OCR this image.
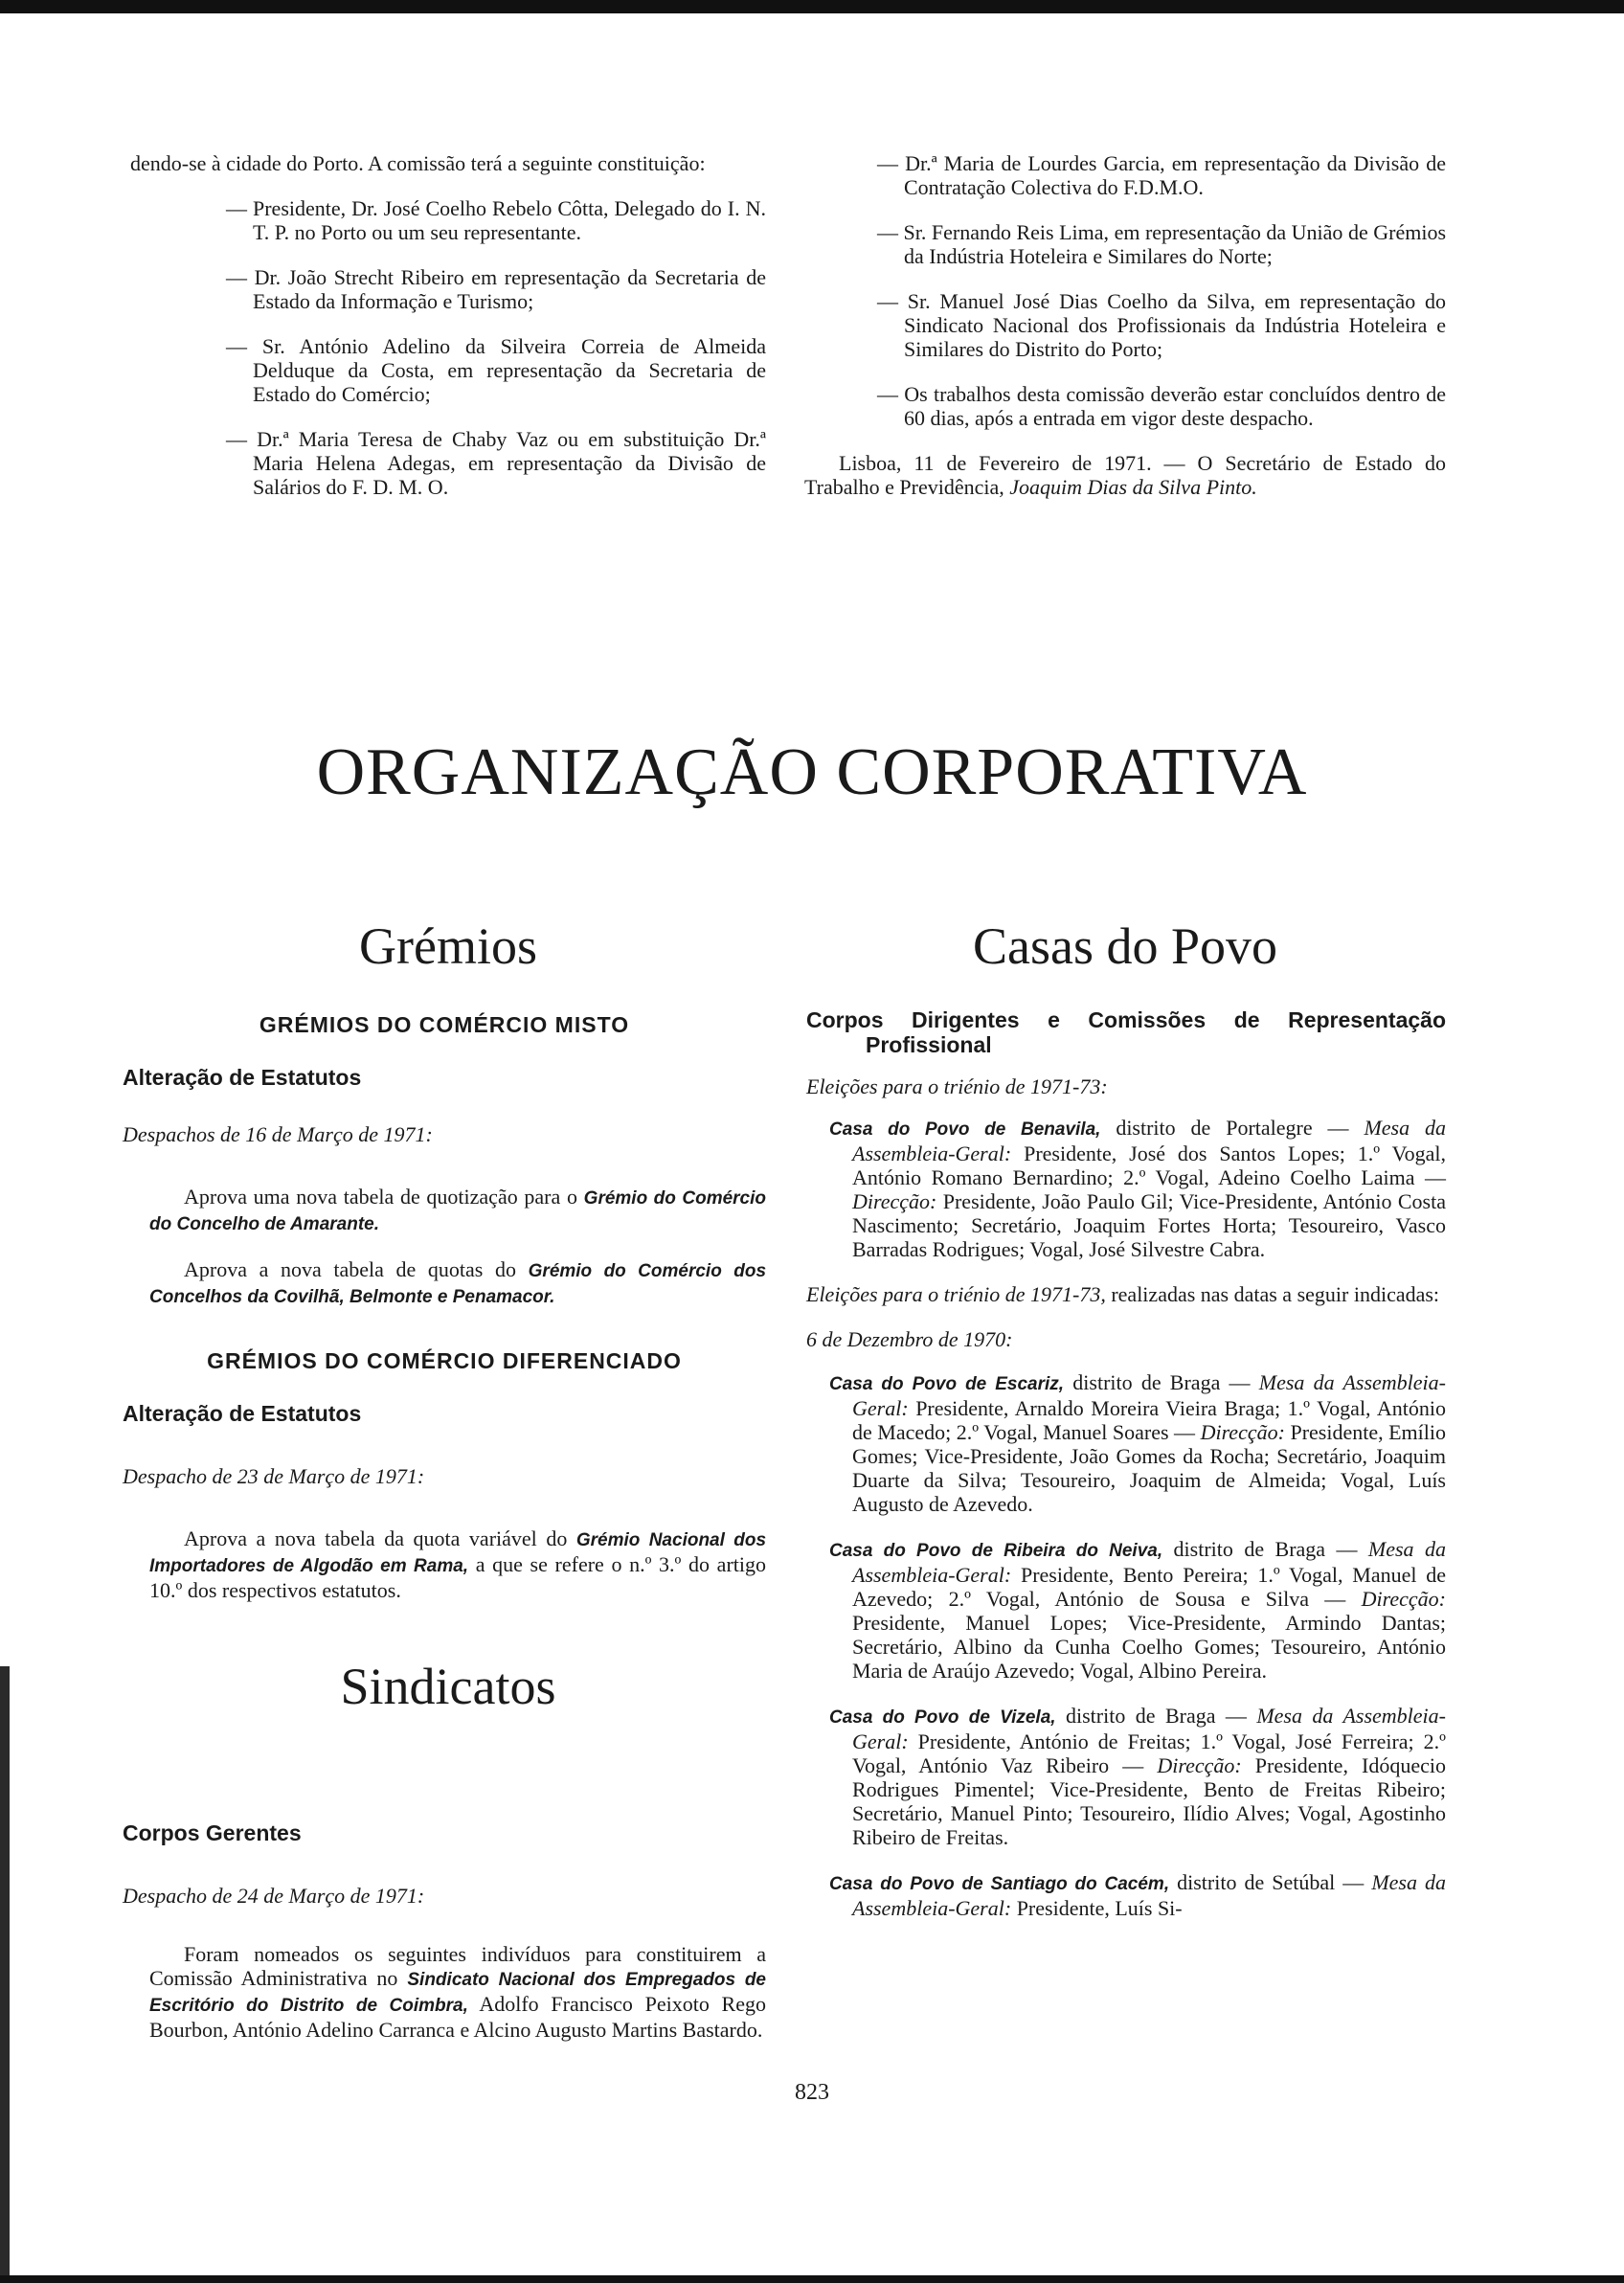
dendo-se à cidade do Porto. A comissão terá a seguinte constituição:
— Presidente, Dr. José Coelho Rebelo Côtta, Delegado do I. N. T. P. no Porto ou um seu representante.
— Dr. João Strecht Ribeiro em representação da Secretaria de Estado da Informação e Turismo;
— Sr. António Adelino da Silveira Correia de Almeida Delduque da Costa, em representação da Secretaria de Estado do Comércio;
— Dr.ª Maria Teresa de Chaby Vaz ou em substituição Dr.ª Maria Helena Adegas, em representação da Divisão de Salários do F. D. M. O.
— Dr.ª Maria de Lourdes Garcia, em representação da Divisão de Contratação Colectiva do F.D.M.O.
— Sr. Fernando Reis Lima, em representação da União de Grémios da Indústria Hoteleira e Similares do Norte;
— Sr. Manuel José Dias Coelho da Silva, em representação do Sindicato Nacional dos Profissionais da Indústria Hoteleira e Similares do Distrito do Porto;
— Os trabalhos desta comissão deverão estar concluídos dentro de 60 dias, após a entrada em vigor deste despacho.
Lisboa, 11 de Fevereiro de 1971. — O Secretário de Estado do Trabalho e Previdência, Joaquim Dias da Silva Pinto.
ORGANIZAÇÃO CORPORATIVA
Grémios
GRÉMIOS DO COMÉRCIO MISTO
Alteração de Estatutos
Despachos de 16 de Março de 1971:
Aprova uma nova tabela de quotização para o Grémio do Comércio do Concelho de Amarante.
Aprova a nova tabela de quotas do Grémio do Comércio dos Concelhos da Covilhã, Belmonte e Penamacor.
GRÉMIOS DO COMÉRCIO DIFERENCIADO
Alteração de Estatutos
Despacho de 23 de Março de 1971:
Aprova a nova tabela da quota variável do Grémio Nacional dos Importadores de Algodão em Rama, a que se refere o n.º 3.º do artigo 10.º dos respectivos estatutos.
Sindicatos
Corpos Gerentes
Despacho de 24 de Março de 1971:
Foram nomeados os seguintes indivíduos para constituirem a Comissão Administrativa no Sindicato Nacional dos Empregados de Escritório do Distrito de Coimbra, Adolfo Francisco Peixoto Rego Bourbon, António Adelino Carranca e Alcino Augusto Martins Bastardo.
Casas do Povo
Corpos Dirigentes e Comissões de Representação Profissional
Eleições para o triénio de 1971-73:
Casa do Povo de Benavila, distrito de Portalegre — Mesa da Assembleia-Geral: Presidente, José dos Santos Lopes; 1.º Vogal, António Romano Bernardino; 2.º Vogal, Adeino Coelho Laima — Direcção: Presidente, João Paulo Gil; Vice-Presidente, António Costa Nascimento; Secretário, Joaquim Fortes Horta; Tesoureiro, Vasco Barradas Rodrigues; Vogal, José Silvestre Cabra.
Eleições para o triénio de 1971-73, realizadas nas datas a seguir indicadas:
6 de Dezembro de 1970:
Casa do Povo de Escariz, distrito de Braga — Mesa da Assembleia-Geral: Presidente, Arnaldo Moreira Vieira Braga; 1.º Vogal, António de Macedo; 2.º Vogal, Manuel Soares — Direcção: Presidente, Emílio Gomes; Vice-Presidente, João Gomes da Rocha; Secretário, Joaquim Duarte da Silva; Tesoureiro, Joaquim de Almeida; Vogal, Luís Augusto de Azevedo.
Casa do Povo de Ribeira do Neiva, distrito de Braga — Mesa da Assembleia-Geral: Presidente, Bento Pereira; 1.º Vogal, Manuel de Azevedo; 2.º Vogal, António de Sousa e Silva — Direcção: Presidente, Manuel Lopes; Vice-Presidente, Armindo Dantas; Secretário, Albino da Cunha Coelho Gomes; Tesoureiro, António Maria de Araújo Azevedo; Vogal, Albino Pereira.
Casa do Povo de Vizela, distrito de Braga — Mesa da Assembleia-Geral: Presidente, António de Freitas; 1.º Vogal, José Ferreira; 2.º Vogal, António Vaz Ribeiro — Direcção: Presidente, Idóquecio Rodrigues Pimentel; Vice-Presidente, Bento de Freitas Ribeiro; Secretário, Manuel Pinto; Tesoureiro, Ilídio Alves; Vogal, Agostinho Ribeiro de Freitas.
Casa do Povo de Santiago do Cacém, distrito de Setúbal — Mesa da Assembleia-Geral: Presidente, Luís Si-
823
